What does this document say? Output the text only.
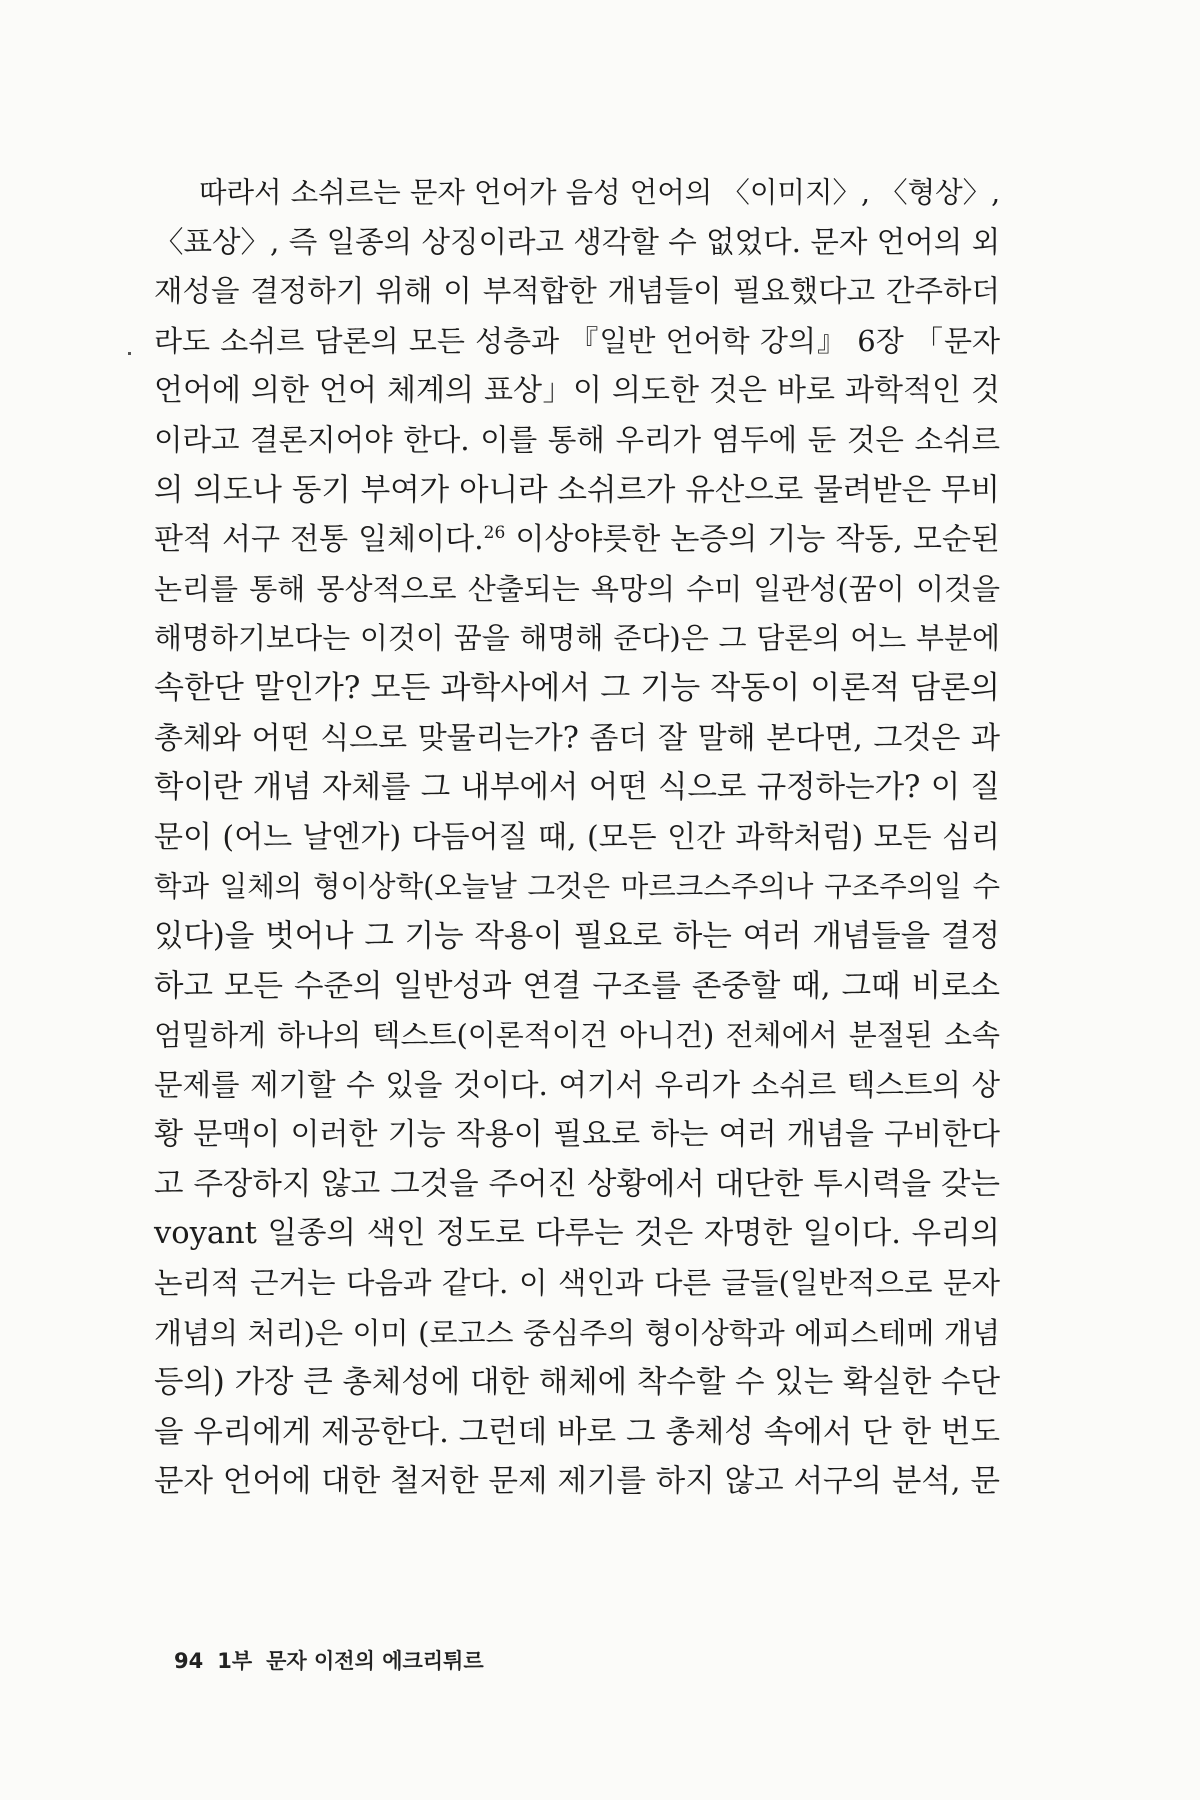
따라서 소쉬르는 문자 언어가 음성 언어의 〈이미지〉, 〈형상〉,
〈표상〉, 즉 일종의 상징이라고 생각할 수 없었다. 문자 언어의 외
재성을 결정하기 위해 이 부적합한 개념들이 필요했다고 간주하더
라도 소쉬르 담론의 모든 성층과 『일반 언어학 강의』 6장 「문자
언어에 의한 언어 체계의 표상」이 의도한 것은 바로 과학적인 것
이라고 결론지어야 한다. 이를 통해 우리가 염두에 둔 것은 소쉬르
의 의도나 동기 부여가 아니라 소쉬르가 유산으로 물려받은 무비
판적 서구 전통 일체이다.$^{26}$ 이상야릇한 논증의 기능 작동, 모순된
논리를 통해 몽상적으로 산출되는 욕망의 수미 일관성(꿈이 이것을
해명하기보다는 이것이 꿈을 해명해 준다)은 그 담론의 어느 부분에
속한단 말인가? 모든 과학사에서 그 기능 작동이 이론적 담론의
총체와 어떤 식으로 맞물리는가? 좀더 잘 말해 본다면, 그것은 과
학이란 개념 자체를 그 내부에서 어떤 식으로 규정하는가? 이 질
문이 (어느 날엔가) 다듬어질 때, (모든 인간 과학처럼) 모든 심리
학과 일체의 형이상학(오늘날 그것은 마르크스주의나 구조주의일 수
있다)을 벗어나 그 기능 작용이 필요로 하는 여러 개념들을 결정
하고 모든 수준의 일반성과 연결 구조를 존중할 때, 그때 비로소
엄밀하게 하나의 텍스트(이론적이건 아니건) 전체에서 분절된 소속
문제를 제기할 수 있을 것이다. 여기서 우리가 소쉬르 텍스트의 상
황 문맥이 이러한 기능 작용이 필요로 하는 여러 개념을 구비한다
고 주장하지 않고 그것을 주어진 상황에서 대단한 투시력을 갖는
voyant 일종의 색인 정도로 다루는 것은 자명한 일이다. 우리의
논리적 근거는 다음과 같다. 이 색인과 다른 글들(일반적으로 문자
개념의 처리)은 이미 (로고스 중심주의 형이상학과 에피스테메 개념
등의) 가장 큰 총체성에 대한 해체에 착수할 수 있는 확실한 수단
을 우리에게 제공한다. 그런데 바로 그 총체성 속에서 단 한 번도
문자 언어에 대한 철저한 문제 제기를 하지 않고 서구의 분석, 문
94 1부 문자 이전의 에크리튀르
